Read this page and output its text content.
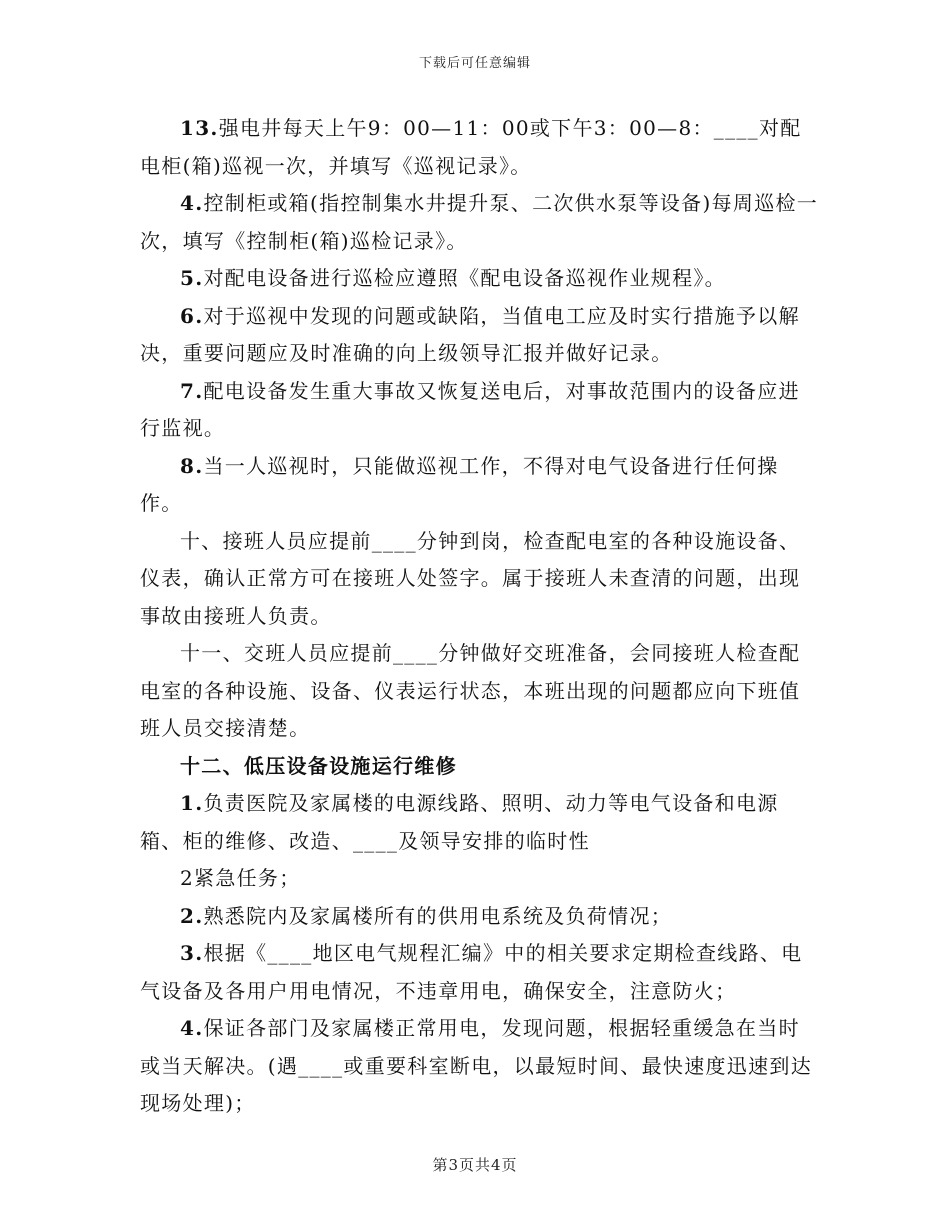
下载后可任意编辑

13.强电井每天上午9：00—11：00或下午3：00—8：____对配电柜(箱)巡视一次，并填写《巡视记录》。

4.控制柜或箱(指控制集水井提升泵、二次供水泵等设备)每周巡检一次，填写《控制柜(箱)巡检记录》。

5.对配电设备进行巡检应遵照《配电设备巡视作业规程》。

6.对于巡视中发现的问题或缺陷，当值电工应及时实行措施予以解决，重要问题应及时准确的向上级领导汇报并做好记录。

7.配电设备发生重大事故又恢复送电后，对事故范围内的设备应进行监视。

8.当一人巡视时，只能做巡视工作，不得对电气设备进行任何操作。

十、接班人员应提前____分钟到岗，检查配电室的各种设施设备、仪表，确认正常方可在接班人处签字。属于接班人未查清的问题，出现事故由接班人负责。

十一、交班人员应提前____分钟做好交班准备，会同接班人检查配电室的各种设施、设备、仪表运行状态，本班出现的问题都应向下班值班人员交接清楚。

十二、低压设备设施运行维修

1.负责医院及家属楼的电源线路、照明、动力等电气设备和电源箱、柜的维修、改造、____及领导安排的临时性

2紧急任务；

2.熟悉院内及家属楼所有的供用电系统及负荷情况；

3.根据《____地区电气规程汇编》中的相关要求定期检查线路、电气设备及各用户用电情况，不违章用电，确保安全，注意防火；

4.保证各部门及家属楼正常用电，发现问题，根据轻重缓急在当时或当天解决。(遇____或重要科室断电，以最短时间、最快速度迅速到达现场处理)；

第3页共4页
